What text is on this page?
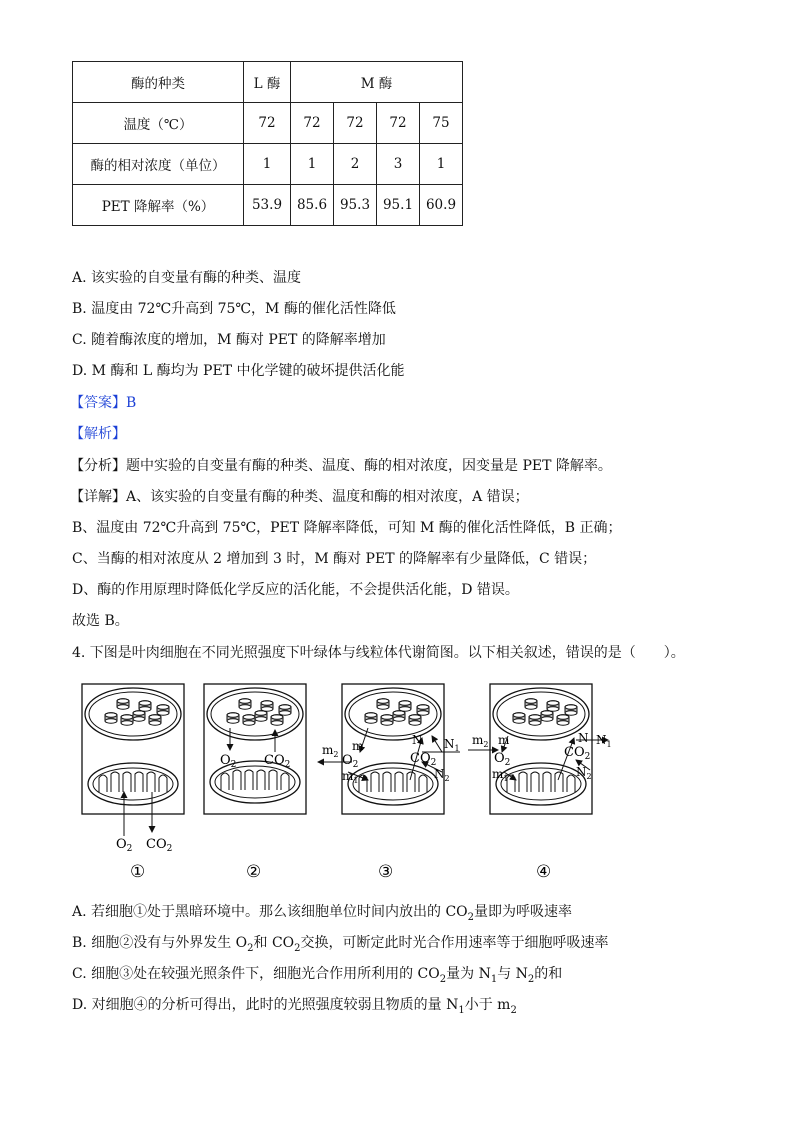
酶的种类	L 酶	M 酶			
温度（℃）	72	72	72	72	75
酶的相对浓度（单位）	1	1	2	3	1
PET 降解率（%）	53.9	85.6	95.3	95.1	60.9
A. 该实验的自变量有酶的种类、温度
B. 温度由 72℃升高到 75℃，M 酶的催化活性降低
C. 随着酶浓度的增加，M 酶对 PET 的降解率增加
D. M 酶和 L 酶均为 PET 中化学键的破坏提供活化能
【答案】B
【解析】
【分析】题中实验的自变量有酶的种类、温度、酶的相对浓度，因变量是 PET 降解率。
【详解】A、该实验的自变量有酶的种类、温度和酶的相对浓度，A 错误；
B、温度由 72℃升高到 75℃，PET 降解率降低，可知 M 酶的催化活性降低，B 正确；
C、当酶的相对浓度从 2 增加到 3 时，M 酶对 PET 的降解率有少量降低，C 错误；
D、酶的作用原理时降低化学反应的活化能，不会提供活化能，D 错误。
故选 B。
4. 下图是叶肉细胞在不同光照强度下叶绿体与线粒体代谢简图。以下相关叙述，错误的是（　　）。
$O_2$ $CO_2$
①
$O_2$ $CO_2$
②
$m_2$
m
$O_2$
$m_1$
N
$CO_2$
$N_1$
$N_2$
③
$m_2$ m
$O_2$
$m_1$
N
$CO_2$
$N_1$
$N_2$
④
A. 若细胞①处于黑暗环境中。那么该细胞单位时间内放出的 $CO_2$量即为呼吸速率
B. 细胞②没有与外界发生 $O_2$和 $CO_2$交换，可断定此时光合作用速率等于细胞呼吸速率
C. 细胞③处在较强光照条件下，细胞光合作用所利用的 $CO_2$量为 $N_1$与 $N_2$的和
D. 对细胞④的分析可得出，此时的光照强度较弱且物质的量 $N_1$小于 $m_2$
